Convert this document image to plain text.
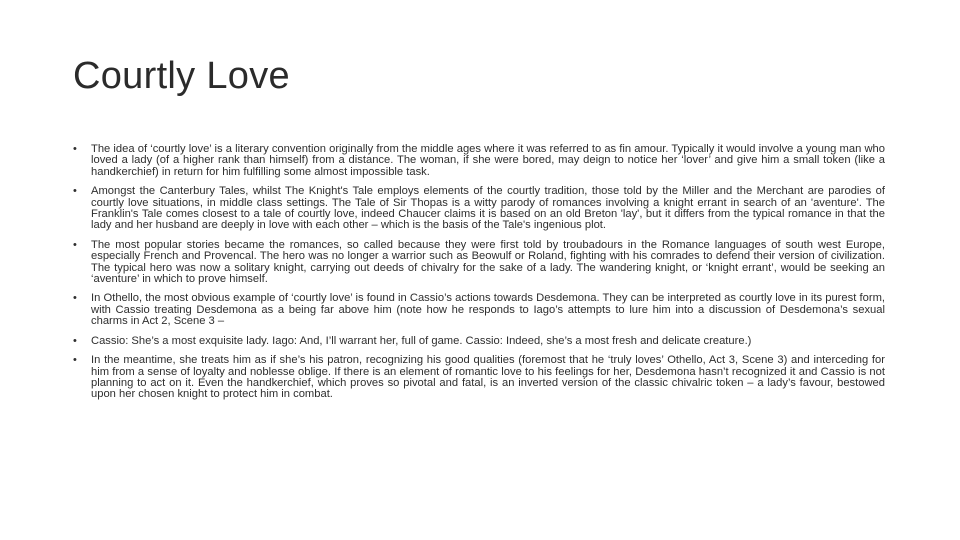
Courtly Love
• The idea of ‘courtly love’ is a literary convention originally from the middle ages where it was referred to as fin amour. Typically it would involve a young man who loved a lady (of a higher rank than himself) from a distance. The woman, if she were bored, may deign to notice her ‘lover’ and give him a small token (like a handkerchief) in return for him fulfilling some almost impossible task.
• Amongst the Canterbury Tales, whilst The Knight's Tale employs elements of the courtly tradition, those told by the Miller and the Merchant are parodies of courtly love situations, in middle class settings. The Tale of Sir Thopas is a witty parody of romances involving a knight errant in search of an 'aventure'. The Franklin's Tale comes closest to a tale of courtly love, indeed Chaucer claims it is based on an old Breton 'lay', but it differs from the typical romance in that the lady and her husband are deeply in love with each other – which is the basis of the Tale's ingenious plot.
• The most popular stories became the romances, so called because they were first told by troubadours in the Romance languages of south west Europe, especially French and Provencal. The hero was no longer a warrior such as Beowulf or Roland, fighting with his comrades to defend their version of civilization. The typical hero was now a solitary knight, carrying out deeds of chivalry for the sake of a lady. The wandering knight, or ‘knight errant’, would be seeking an ‘aventure’ in which to prove himself.
• In Othello, the most obvious example of ‘courtly love’ is found in Cassio’s actions towards Desdemona. They can be interpreted as courtly love in its purest form, with Cassio treating Desdemona as a being far above him (note how he responds to Iago’s attempts to lure him into a discussion of Desdemona’s sexual charms in Act 2, Scene 3 –
• Cassio: She’s a most exquisite lady. Iago: And, I’ll warrant her, full of game. Cassio: Indeed, she’s a most fresh and delicate creature.)
• In the meantime, she treats him as if she’s his patron, recognizing his good qualities (foremost that he ‘truly loves’ Othello, Act 3, Scene 3) and interceding for him from a sense of loyalty and noblesse oblige. If there is an element of romantic love to his feelings for her, Desdemona hasn’t recognized it and Cassio is not planning to act on it. Even the handkerchief, which proves so pivotal and fatal, is an inverted version of the classic chivalric token – a lady’s favour, bestowed upon her chosen knight to protect him in combat.
